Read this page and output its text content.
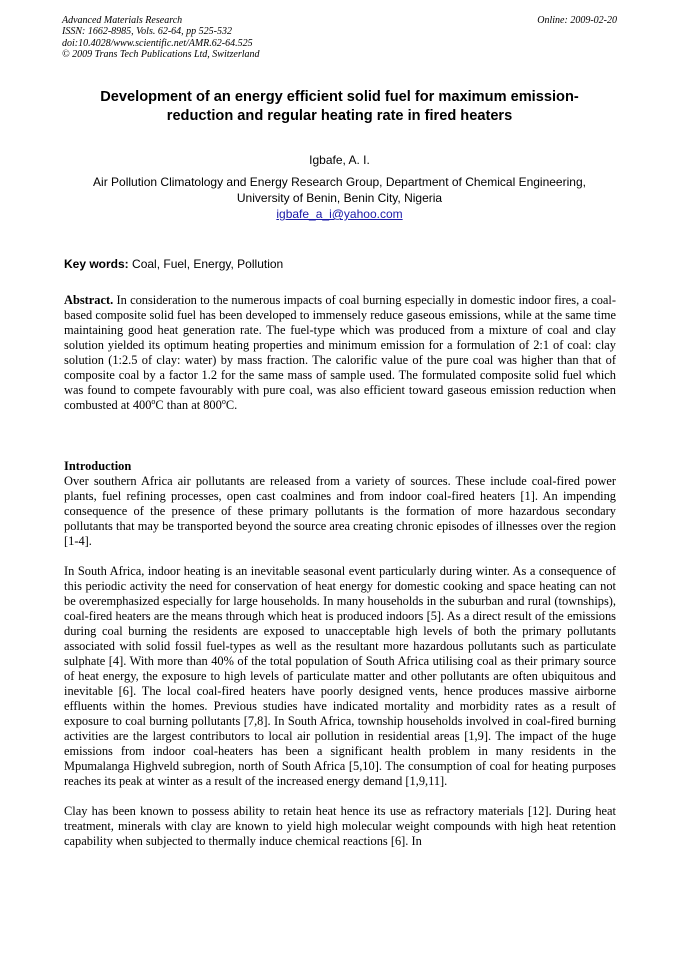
Advanced Materials Research
ISSN: 1662-8985, Vols. 62-64, pp 525-532
doi:10.4028/www.scientific.net/AMR.62-64.525
© 2009 Trans Tech Publications Ltd, Switzerland
Online: 2009-02-20
Development of an energy efficient solid fuel for maximum emission-
reduction and regular heating rate in fired heaters
Igbafe, A. I.
Air Pollution Climatology and Energy Research Group, Department of Chemical Engineering,
University of Benin, Benin City, Nigeria
igbafe_a_i@yahoo.com
Key words: Coal, Fuel, Energy, Pollution
Abstract. In consideration to the numerous impacts of coal burning especially in domestic indoor fires, a coal-based composite solid fuel has been developed to immensely reduce gaseous emissions, while at the same time maintaining good heat generation rate. The fuel-type which was produced from a mixture of coal and clay solution yielded its optimum heating properties and minimum emission for a formulation of 2:1 of coal: clay solution (1:2.5 of clay: water) by mass fraction. The calorific value of the pure coal was higher than that of composite coal by a factor 1.2 for the same mass of sample used. The formulated composite solid fuel which was found to compete favourably with pure coal, was also efficient toward gaseous emission reduction when combusted at 400$^o$C than at 800$^o$C.
Introduction

Over southern Africa air pollutants are released from a variety of sources. These include coal-fired power plants, fuel refining processes, open cast coalmines and from indoor coal-fired heaters [1]. An impending consequence of the presence of these primary pollutants is the formation of more hazardous secondary pollutants that may be transported beyond the source area creating chronic episodes of illnesses over the region [1-4].

In South Africa, indoor heating is an inevitable seasonal event particularly during winter. As a consequence of this periodic activity the need for conservation of heat energy for domestic cooking and space heating can not be overemphasized especially for large households. In many households in the suburban and rural (townships), coal-fired heaters are the means through which heat is produced indoors [5]. As a direct result of the emissions during coal burning the residents are exposed to unacceptable high levels of both the primary pollutants associated with solid fossil fuel-types as well as the resultant more hazardous pollutants such as particulate sulphate [4]. With more than 40% of the total population of South Africa utilising coal as their primary source of heat energy, the exposure to high levels of particulate matter and other pollutants are often ubiquitous and inevitable [6]. The local coal-fired heaters have poorly designed vents, hence produces massive airborne effluents within the homes. Previous studies have indicated mortality and morbidity rates as a result of exposure to coal burning pollutants [7,8]. In South Africa, township households involved in coal-fired burning activities are the largest contributors to local air pollution in residential areas [1,9]. The impact of the huge emissions from indoor coal-heaters has been a significant health problem in many residents in the Mpumalanga Highveld subregion, north of South Africa [5,10]. The consumption of coal for heating purposes reaches its peak at winter as a result of the increased energy demand [1,9,11].

Clay has been known to possess ability to retain heat hence its use as refractory materials [12]. During heat treatment, minerals with clay are known to yield high molecular weight compounds with high heat retention capability when subjected to thermally induce chemical reactions [6]. In
